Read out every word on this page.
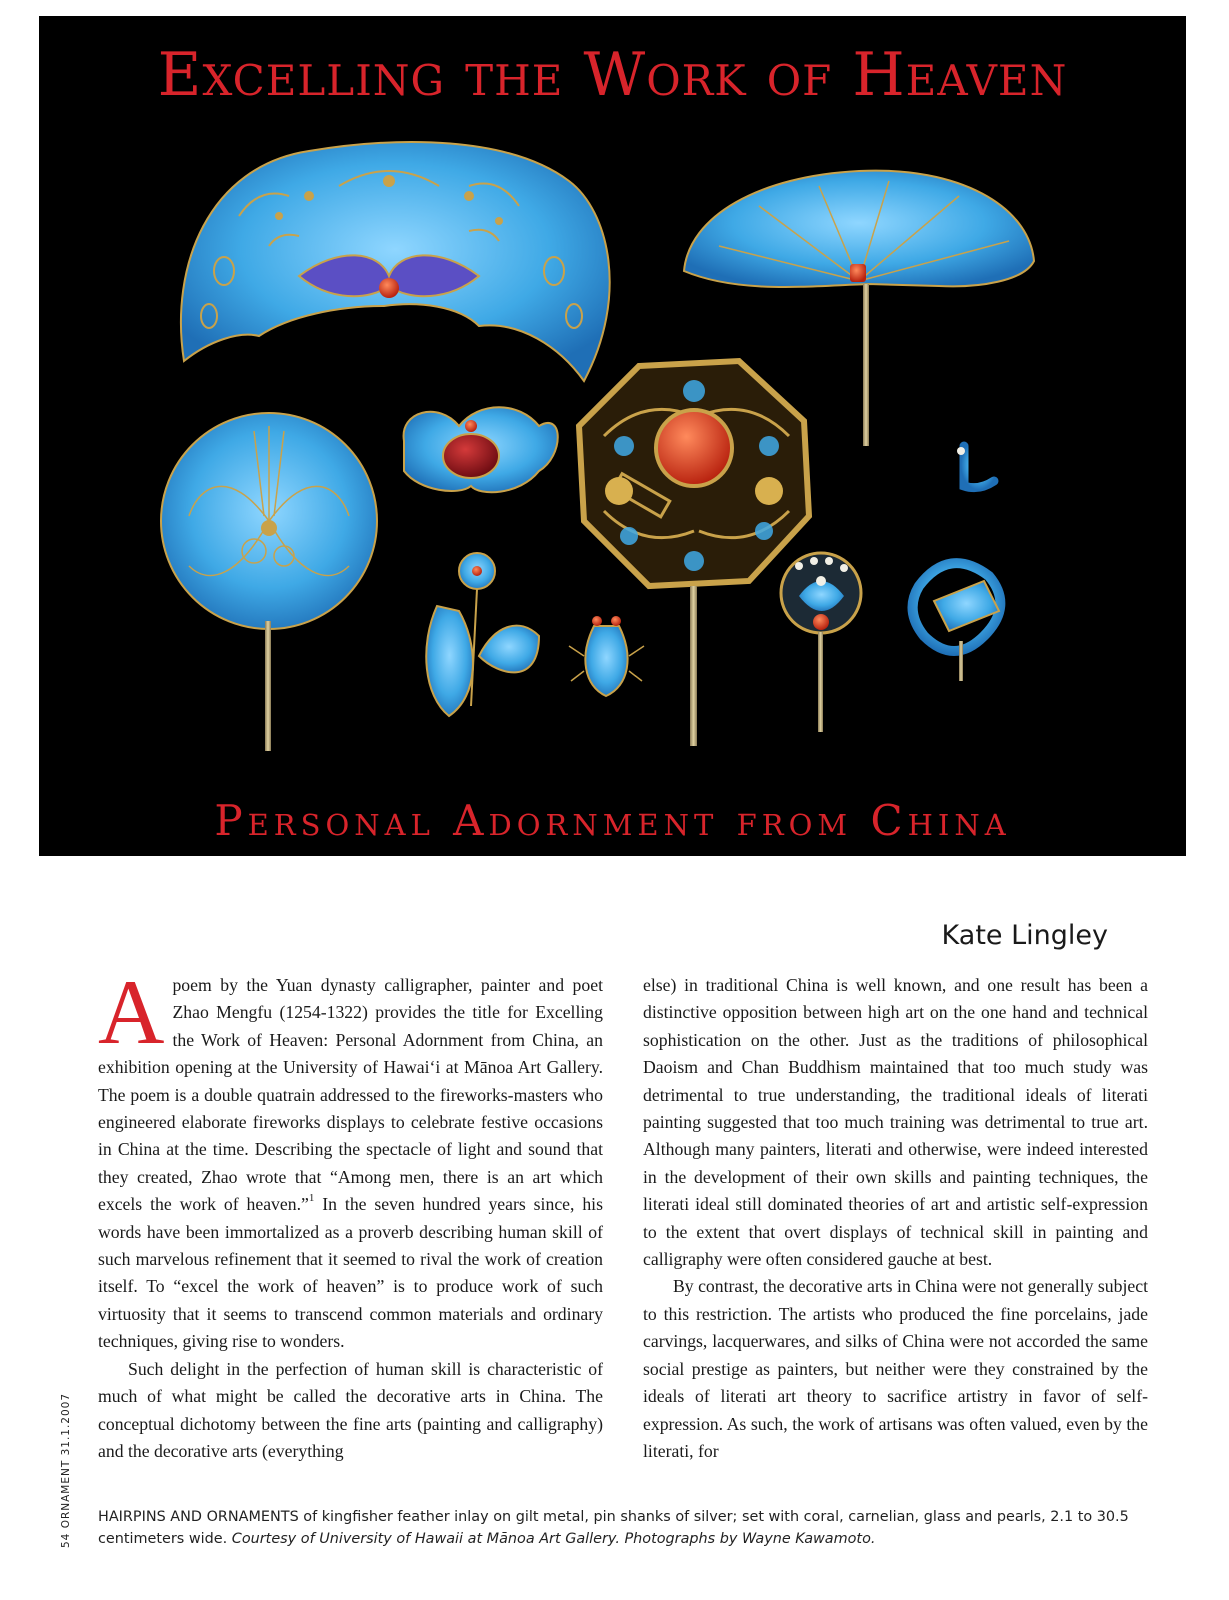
Excelling the Work of Heaven
Personal Adornment from China
Kate Lingley

A poem by the Yuan dynasty calligrapher, painter and poet Zhao Mengfu (1254-1322) provides the title for Excelling the Work of Heaven: Personal Adornment from China, an exhibition opening at the University of Hawai‘i at Mānoa Art Gallery. The poem is a double quatrain addressed to the fireworks-masters who engineered elaborate fireworks displays to celebrate festive occasions in China at the time. Describing the spectacle of light and sound that they created, Zhao wrote that “Among men, there is an art which excels the work of heaven.”$^1$ In the seven hundred years since, his words have been immortalized as a proverb describing human skill of such marvelous refinement that it seemed to rival the work of creation itself. To “excel the work of heaven” is to produce work of such virtuosity that it seems to transcend common materials and ordinary techniques, giving rise to wonders.

Such delight in the perfection of human skill is characteristic of much of what might be called the decorative arts in China. The conceptual dichotomy between the fine arts (painting and calligraphy) and the decorative arts (everything

else) in traditional China is well known, and one result has been a distinctive opposition between high art on the one hand and technical sophistication on the other. Just as the traditions of philosophical Daoism and Chan Buddhism maintained that too much study was detrimental to true understanding, the traditional ideals of literati painting suggested that too much training was detrimental to true art. Although many painters, literati and otherwise, were indeed interested in the development of their own skills and painting techniques, the literati ideal still dominated theories of art and artistic self-expression to the extent that overt displays of technical skill in painting and calligraphy were often considered gauche at best.

By contrast, the decorative arts in China were not generally subject to this restriction. The artists who produced the fine porcelains, jade carvings, lacquerwares, and silks of China were not accorded the same social prestige as painters, but neither were they constrained by the ideals of literati art theory to sacrifice artistry in favor of self-expression. As such, the work of artisans was often valued, even by the literati, for

54 ORNAMENT 31.1.2007 HAIRPINS AND ORNAMENTS of kingfisher feather inlay on gilt metal, pin shanks of silver; set with coral, carnelian, glass and pearls, 2.1 to 30.5 centimeters wide. Courtesy of University of Hawaii at Mānoa Art Gallery. Photographs by Wayne Kawamoto.
